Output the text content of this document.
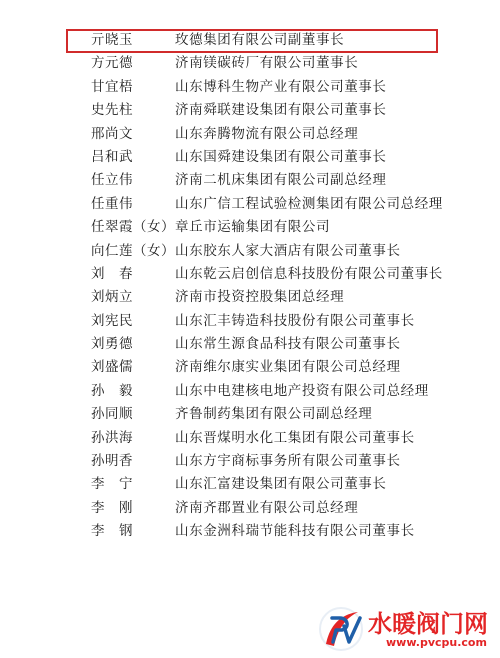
亓晓玉	玫德集团有限公司副董事长
方元德	济南镁碳砖厂有限公司董事长
甘宜梧	山东博科生物产业有限公司董事长
史先柱	济南舜联建设集团有限公司董事长
邢尚文	山东奔腾物流有限公司总经理
吕和武	山东国舜建设集团有限公司董事长
任立伟	济南二机床集团有限公司副总经理
任重伟	山东广信工程试验检测集团有限公司总经理
任翠霞（女） 章丘市运输集团有限公司
向仁莲（女） 山东胶东人家大酒店有限公司董事长
刘　春	山东乾云启创信息科技股份有限公司董事长
刘炳立	济南市投资控股集团总经理
刘宪民	山东汇丰铸造科技股份有限公司董事长
刘勇德	山东常生源食品科技有限公司董事长
刘盛儒	济南维尔康实业集团有限公司总经理
孙　毅	山东中电建核电地产投资有限公司总经理
孙同顺	齐鲁制药集团有限公司副总经理
孙洪海	山东晋煤明水化工集团有限公司董事长
孙明香	山东方宇商标事务所有限公司董事长
李　宁	山东汇富建设集团有限公司董事长
李　刚	济南齐郡置业有限公司总经理
李　钢	山东金洲科瑞节能科技有限公司董事长
水暖阀门网
www.pvcpu.com
